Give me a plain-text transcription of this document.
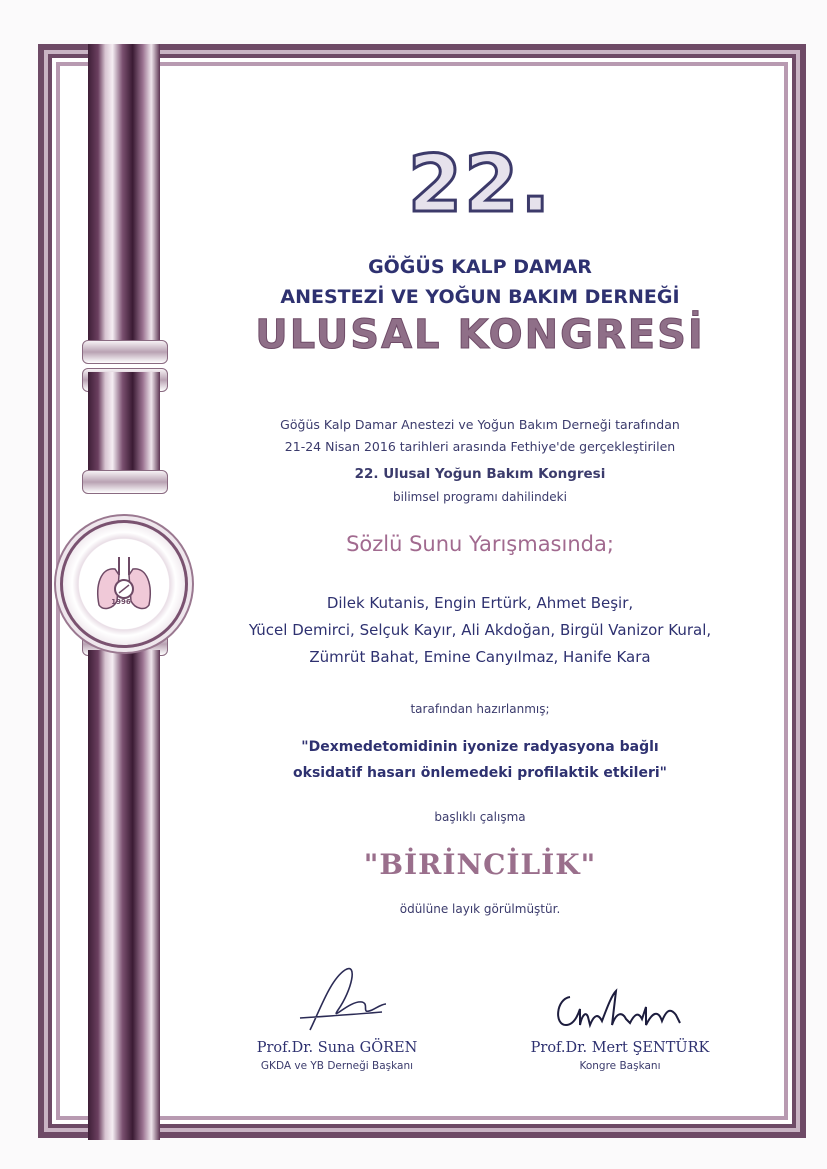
1996
22.
GÖĞÜS KALP DAMAR
ANESTEZİ VE YOĞUN BAKIM DERNEĞİ
ULUSAL KONGRESİ
Göğüs Kalp Damar Anestezi ve Yoğun Bakım Derneği tarafından
21-24 Nisan 2016 tarihleri arasında Fethiye'de gerçekleştirilen
22. Ulusal Yoğun Bakım Kongresi
bilimsel programı dahilindeki
Sözlü Sunu Yarışmasında;
Dilek Kutanis, Engin Ertürk, Ahmet Beşir,
Yücel Demirci, Selçuk Kayır, Ali Akdoğan, Birgül Vanizor Kural,
Zümrüt Bahat, Emine Canyılmaz, Hanife Kara
tarafından hazırlanmış;
"Dexmedetomidinin iyonize radyasyona bağlı
oksidatif hasarı önlemedeki profilaktik etkileri"
başlıklı çalışma
"BİRİNCİLİK"
ödülüne layık görülmüştür.
Prof.Dr. Suna GÖREN
GKDA ve YB Derneği Başkanı
Prof.Dr. Mert ŞENTÜRK
Kongre Başkanı
